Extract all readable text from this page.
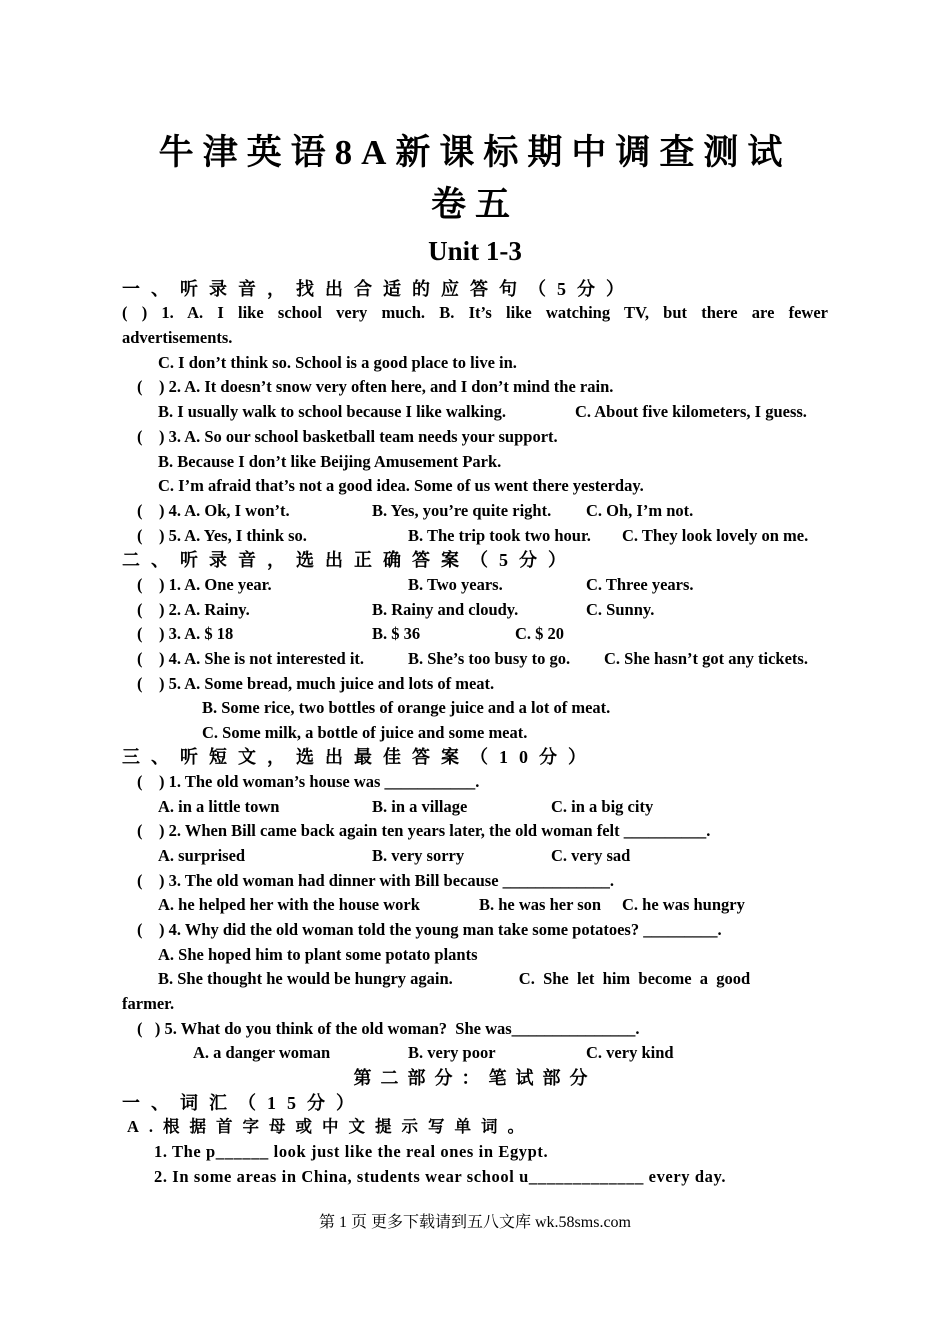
牛津英语8A新课标期中调查测试
卷五
Unit 1-3
一、听录音，找出合适的应答句（5分）
( ) 1. A. I like school very much. B. It’s like watching TV, but there are fewer
advertisements.
C. I don’t think so. School is a good place to live in.
(    ) 2. A. It doesn’t snow very often here, and I don’t mind the rain.
B. I usually walk to school because I like walking.	C. About five kilometers, I guess.
(    ) 3. A. So our school basketball team needs your support.
B. Because I don’t like Beijing Amusement Park.
C. I’m afraid that’s not a good idea. Some of us went there yesterday.
(    ) 4. A. Ok, I won’t.	B. Yes, you’re quite right. C. Oh, I’m not.
(    ) 5. A. Yes, I think so.	B. The trip took two hour. C. They look lovely on me.
二、听录音，选出正确答案（5分）
(    ) 1. A. One year.	B. Two years.	C. Three years.
(    ) 2. A. Rainy.	B. Rainy and cloudy.	C. Sunny.
(    ) 3. A. $ 18	B. $ 36	C. $ 20
(    ) 4. A. She is not interested it.	B. She’s too busy to go. C. She hasn’t got any tickets.
(    ) 5. A. Some bread, much juice and lots of meat.
B. Some rice, two bottles of orange juice and a lot of meat.
C. Some milk, a bottle of juice and some meat.
三、听短文，选出最佳答案（10分）
(    ) 1. The old woman’s house was ___________.
A. in a little town	B. in a village	C. in a big city
(    ) 2. When Bill came back again ten years later, the old woman felt __________.
A. surprised	B. very sorry	C. very sad
(    ) 3. The old woman had dinner with Bill because _____________.
A. he helped her with the house work	B. he was her son C. he was hungry
(    ) 4. Why did the old woman told the young man take some potatoes? _________.
A. She hoped him to plant some potato plants
B. She thought he would be hungry again.                C.  She  let  him  become  a  good
farmer.
(   ) 5. What do you think of the old woman?  She was_______________.
A. a danger woman	B. very poor	C. very kind
第二部分：笔试部分
一、词汇（15分）
A.根据首字母或中文提示写单词。
1. The p______ look just like the real ones in Egypt.
2. In some areas in China, students wear school u_____________ every day.
第 1 页 更多下载请到五八文库 wk.58sms.com
